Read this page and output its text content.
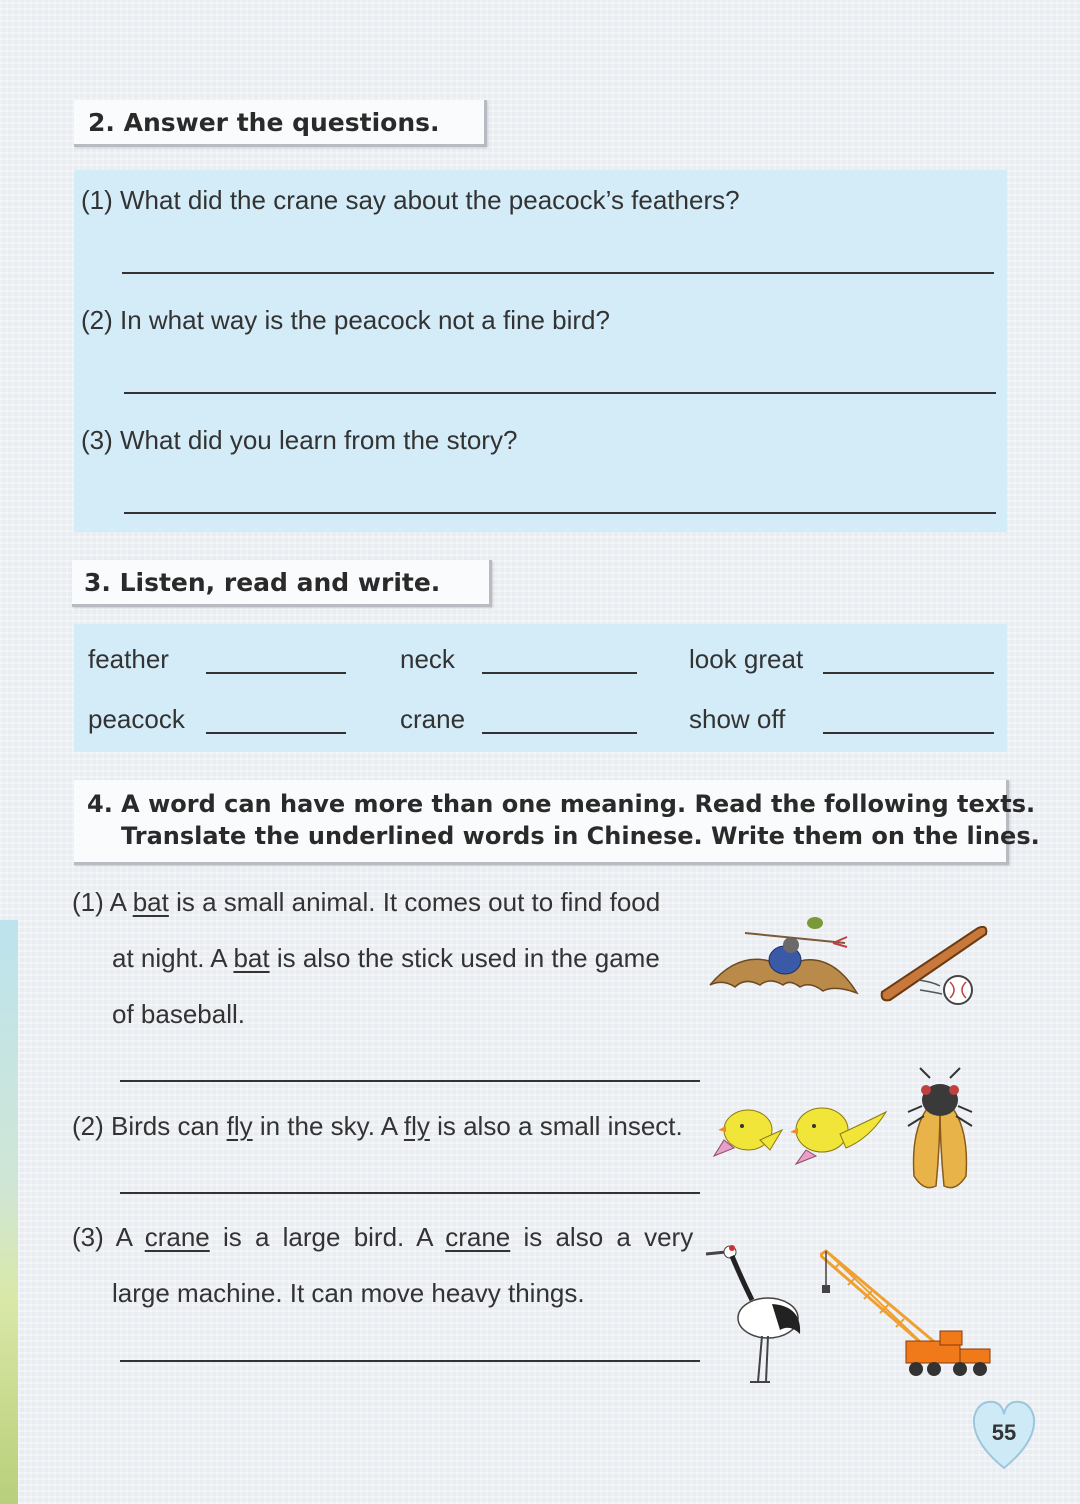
2. Answer the questions.
(1) What did the crane say about the peacock’s feathers?
(2) In what way is the peacock not a fine bird?
(3) What did you learn from the story?
3. Listen, read and write.
feather	neck	look great
peacock	crane	show off
4. A word can have more than one meaning. Read the following texts.
Translate the underlined words in Chinese. Write them on the lines.
(1) A bat is a small animal. It comes out to find food
at night. A bat is also the stick used in the game
of baseball.
(2) Birds can fly in the sky. A fly is also a small insect.
(3) A crane is a large bird. A crane is also a very
large machine. It can move heavy things.
55
